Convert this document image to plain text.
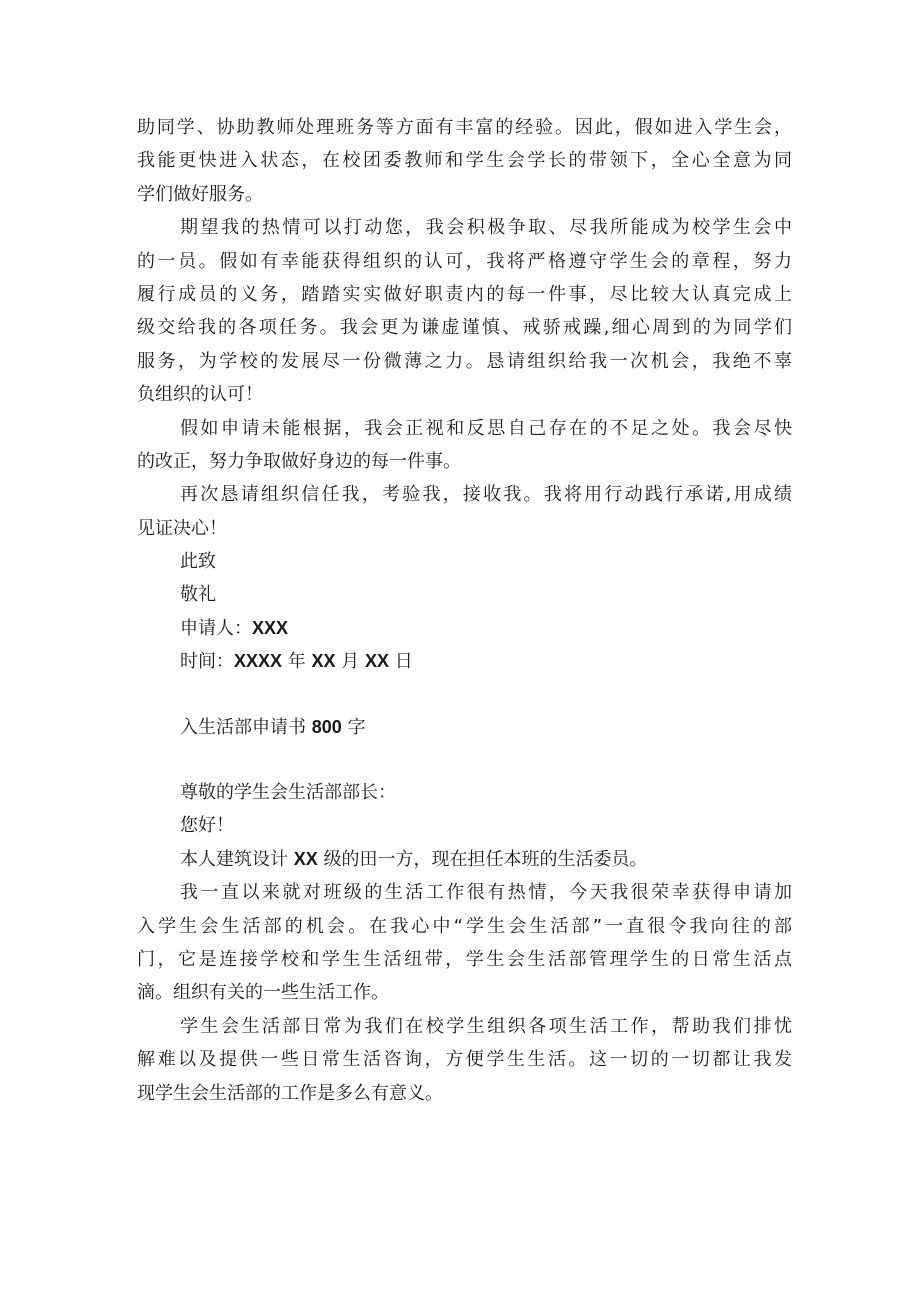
助同学、协助教师处理班务等方面有丰富的经验。因此，假如进入学生会，
我能更快进入状态，在校团委教师和学生会学长的带领下，全心全意为同
学们做好服务。
期望我的热情可以打动您，我会积极争取、尽我所能成为校学生会中
的一员。假如有幸能获得组织的认可，我将严格遵守学生会的章程，努力
履行成员的义务，踏踏实实做好职责内的每一件事，尽比较大认真完成上
级交给我的各项任务。我会更为谦虚谨慎、戒骄戒躁,细心周到的为同学们
服务，为学校的发展尽一份微薄之力。恳请组织给我一次机会，我绝不辜
负组织的认可！
假如申请未能根据，我会正视和反思自己存在的不足之处。我会尽快
的改正，努力争取做好身边的每一件事。
再次恳请组织信任我，考验我，接收我。我将用行动践行承诺,用成绩
见证决心！
此致
敬礼
申请人：XXX
时间：XXXX 年 XX 月 XX 日
入生活部申请书 800 字
尊敬的学生会生活部部长：
您好！
本人建筑设计 XX 级的田一方，现在担任本班的生活委员。
我一直以来就对班级的生活工作很有热情，今天我很荣幸获得申请加
入学生会生活部的机会。在我心中“学生会生活部”一直很令我向往的部
门，它是连接学校和学生生活纽带，学生会生活部管理学生的日常生活点
滴。组织有关的一些生活工作。
学生会生活部日常为我们在校学生组织各项生活工作，帮助我们排忧
解难以及提供一些日常生活咨询，方便学生生活。这一切的一切都让我发
现学生会生活部的工作是多么有意义。
